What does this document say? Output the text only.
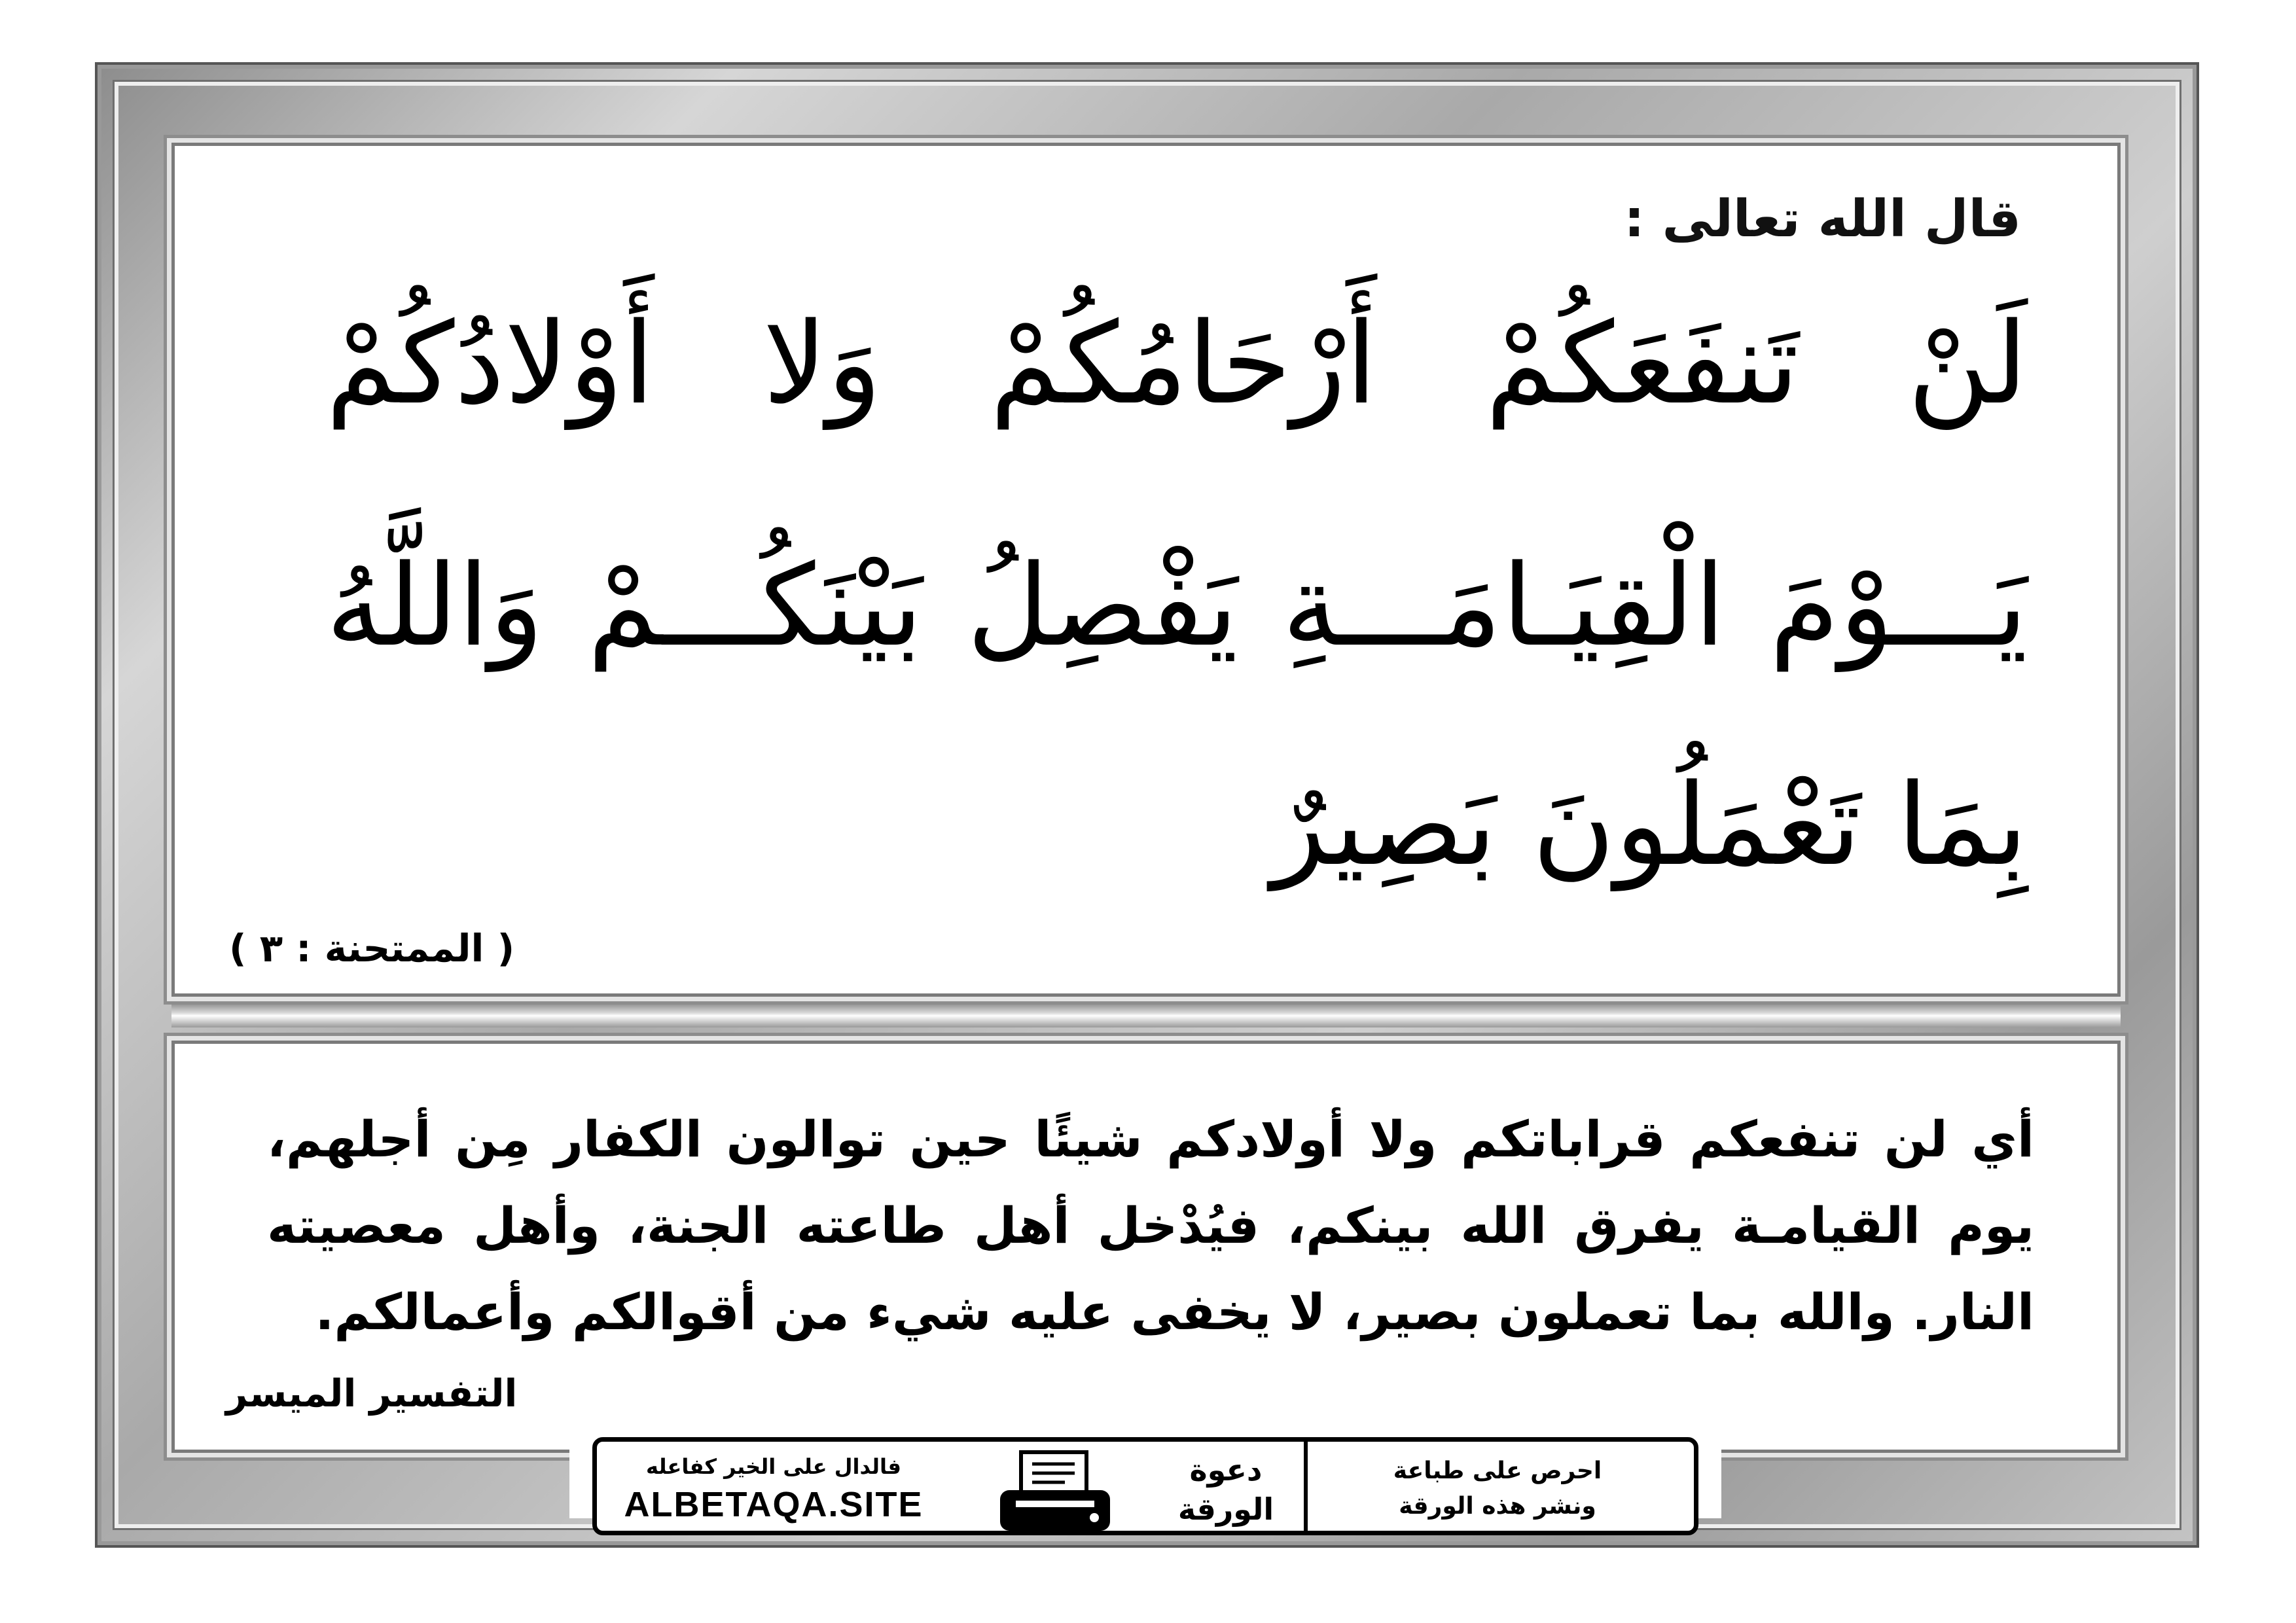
قال الله تعالى :
لَنْ تَنفَعَكُمْ أَرْحَامُكُمْ وَلا أَوْلادُكُمْ
يَـــوْمَ الْقِيَـامَـــةِ يَفْصِلُ بَيْنَكُـــمْ وَاللَّهُ
بِمَا تَعْمَلُونَ بَصِيرٌ
( الممتحنة : ٣ )
أي لن تنفعكم قراباتكم ولا أولادكم شيئًا حين توالون الكفار مِن أجلهم، يوم القيامـة يفرق الله بينكم، فيُدْخل أهل طاعته الجنة، وأهل معصيته النار. والله بما تعملون بصير، لا يخفى عليه شيء من أقوالكم وأعمالكم.
التفسير الميسر
فالدال على الخير كفاعله
ALBETAQA.SITE
دعوة
الورقة
احرص على طباعة
ونشر هذه الورقة
